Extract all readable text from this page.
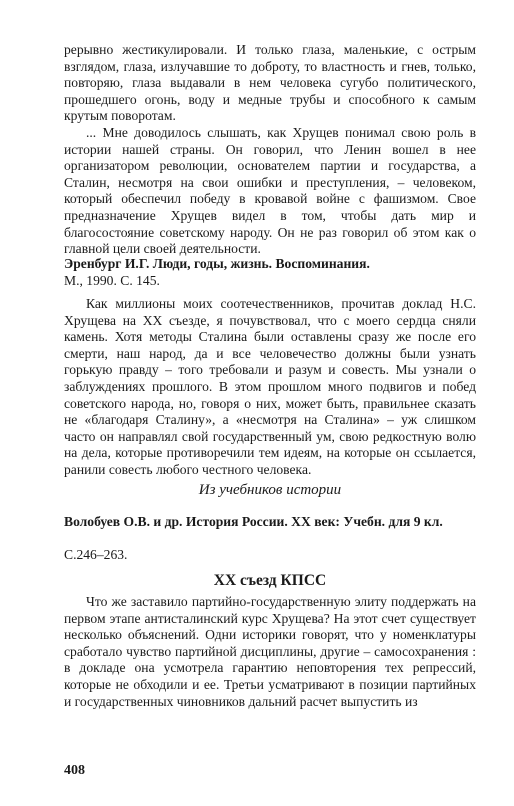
рерывно жестикулировали. И только глаза, маленькие, с острым взглядом, глаза, излучавшие то доброту, то властность и гнев, только, повторяю, глаза выдавали в нем человека сугубо политического, прошедшего огонь, воду и медные трубы и способного к самым крутым поворотам.

... Мне доводилось слышать, как Хрущев понимал свою роль в истории нашей страны. Он говорил, что Ленин вошел в нее организатором революции, основателем партии и государства, а Сталин, несмотря на свои ошибки и преступления, – человеком, который обеспечил победу в кровавой войне с фашизмом. Свое предназначение Хрущев видел в том, чтобы дать мир и благосостояние советскому народу. Он не раз говорил об этом как о главной цели своей деятельности.

Эренбург И.Г. Люди, годы, жизнь. Воспоминания.

М., 1990. С. 145.

Как миллионы моих соотечественников, прочитав доклад Н.С. Хрущева на XX съезде, я почувствовал, что с моего сердца сняли камень. Хотя методы Сталина были оставлены сразу же после его смерти, наш народ, да и все человечество должны были узнать горькую правду – того требовали и разум и совесть. Мы узнали о заблуждениях прошлого. В этом прошлом много подвигов и побед советского народа, но, говоря о них, может быть, правильнее сказать не «благодаря Сталину», а «несмотря на Сталина» – уж слишком часто он направлял свой государственный ум, свою редкостную волю на дела, которые противоречили тем идеям, на которые он ссылается, ранили совесть любого честного человека.

Из учебников истории

Волобуев О.В. и др. История России. XX век: Учебн. для 9 кл.

С.246–263.

XX съезд КПСС

Что же заставило партийно-государственную элиту поддержать на первом этапе антисталинский курс Хрущева? На этот счет существует несколько объяснений. Одни историки говорят, что у номенклатуры сработало чувство партийной дисциплины, другие – самосохранения : в докладе она усмотрела гарантию неповторения тех репрессий, которые не обходили и ее. Третьи усматривают в позиции партийных и государственных чиновников дальний расчет выпустить из

408
